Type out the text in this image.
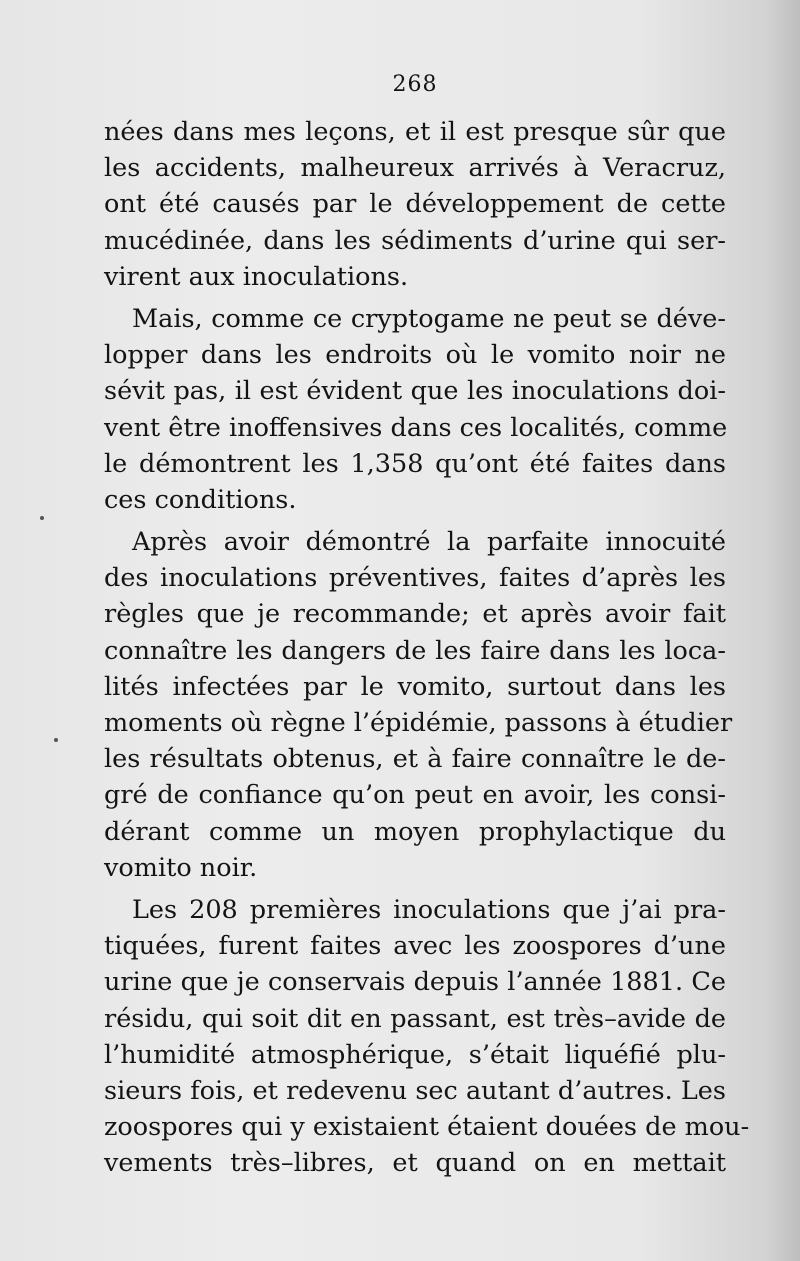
268
nées dans mes leçons, et il est presque sûr que
les accidents, malheureux arrivés à Veracruz,
ont été causés par le développement de cette
mucédinée, dans les sédiments d’urine qui ser-
virent aux inoculations.
Mais, comme ce cryptogame ne peut se déve-
lopper dans les endroits où le vomito noir ne
sévit pas, il est évident que les inoculations doi-
vent être inoffensives dans ces localités, comme
le démontrent les 1,358 qu’ont été faites dans
ces conditions.
Après avoir démontré la parfaite innocuité
des inoculations préventives, faites d’après les
règles que je recommande; et après avoir fait
connaître les dangers de les faire dans les loca-
lités infectées par le vomito, surtout dans les
moments où règne l’épidémie, passons à étudier
les résultats obtenus, et à faire connaître le de-
gré de confiance qu’on peut en avoir, les consi-
dérant comme un moyen prophylactique du
vomito noir.
Les 208 premières inoculations que j’ai pra-
tiquées, furent faites avec les zoospores d’une
urine que je conservais depuis l’année 1881. Ce
résidu, qui soit dit en passant, est très–avide de
l’humidité atmosphérique, s’était liquéfié plu-
sieurs fois, et redevenu sec autant d’autres. Les
zoospores qui y existaient étaient douées de mou-
vements très–libres, et quand on en mettait
